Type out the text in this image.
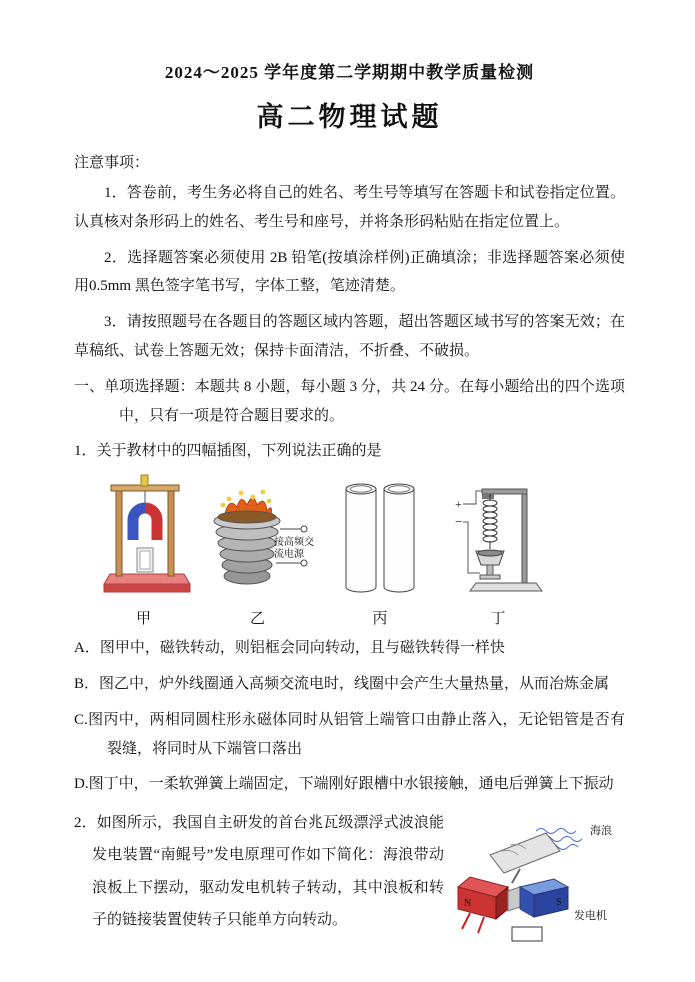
2024～2025 学年度第二学期期中教学质量检测
高二物理试题

注意事项：

1．答卷前，考生务必将自己的姓名、考生号等填写在答题卡和试卷指定位置。认真核对条形码上的姓名、考生号和座号，并将条形码粘贴在指定位置上。

2．选择题答案必须使用 2B 铅笔(按填涂样例)正确填涂；非选择题答案必须使用0.5mm 黑色签字笔书写，字体工整，笔迹清楚。

3．请按照题号在各题目的答题区域内答题，超出答题区域书写的答案无效；在草稿纸、试卷上答题无效；保持卡面清洁，不折叠、不破损。

一、单项选择题：本题共 8 小题，每小题 3 分，共 24 分。在每小题给出的四个选项中，只有一项是符合题目要求的。

1．关于教材中的四幅插图，下列说法正确的是

甲
接高频交
流电源
乙	丙
+
−
丁

A．图甲中，磁铁转动，则铝框会同向转动，且与磁铁转得一样快

B．图乙中，炉外线圈通入高频交流电时，线圈中会产生大量热量，从而冶炼金属

C.图丙中，两相同圆柱形永磁体同时从铝管上端管口由静止落入，无论铝管是否有裂缝，将同时从下端管口落出

D.图丁中，一柔软弹簧上端固定，下端刚好跟槽中水银接触，通电后弹簧上下振动

海浪
N	S
发电机

2．如图所示，我国自主研发的首台兆瓦级漂浮式波浪能发电装置“南鲲号”发电原理可作如下简化：海浪带动浪板上下摆动，驱动发电机转子转动，其中浪板和转子的链接装置使转子只能单方向转动。
